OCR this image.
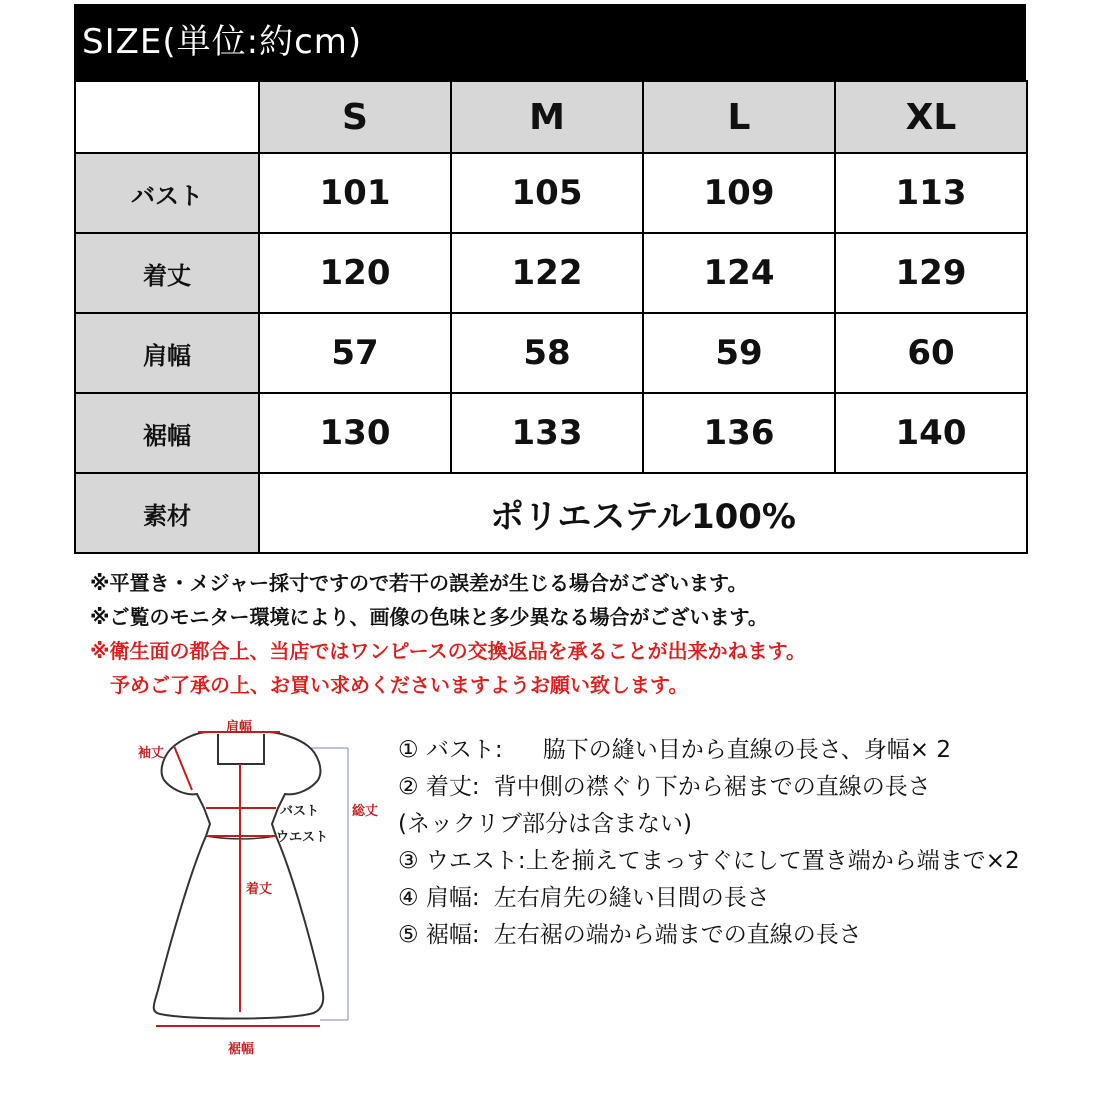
SIZE(単位:約cm)
	S	M	L	XL
バスト	101	105	109	113
着丈	120	122	124	129
肩幅	57	58	59	60
裾幅	130	133	136	140
素材	ポリエステル100%			
※平置き・メジャー採寸ですので若干の誤差が生じる場合がございます。
※ご覧のモニター環境により、画像の色味と多少異なる場合がございます。
※衛生面の都合上、当店ではワンピースの交換返品を承ることが出来かねます。
予めご了承の上、お買い求めくださいますようお願い致します。
肩幅
袖丈
バスト
ウエスト
着丈
総丈
裾幅
① バスト: 脇下の縫い目から直線の長さ、身幅× 2
② 着丈: 背中側の襟ぐり下から裾までの直線の長さ
(ネックリブ部分は含まない)
③ ウエスト:上を揃えてまっすぐにして置き端から端まで×2
④ 肩幅: 左右肩先の縫い目間の長さ
⑤ 裾幅: 左右裾の端から端までの直線の長さ
